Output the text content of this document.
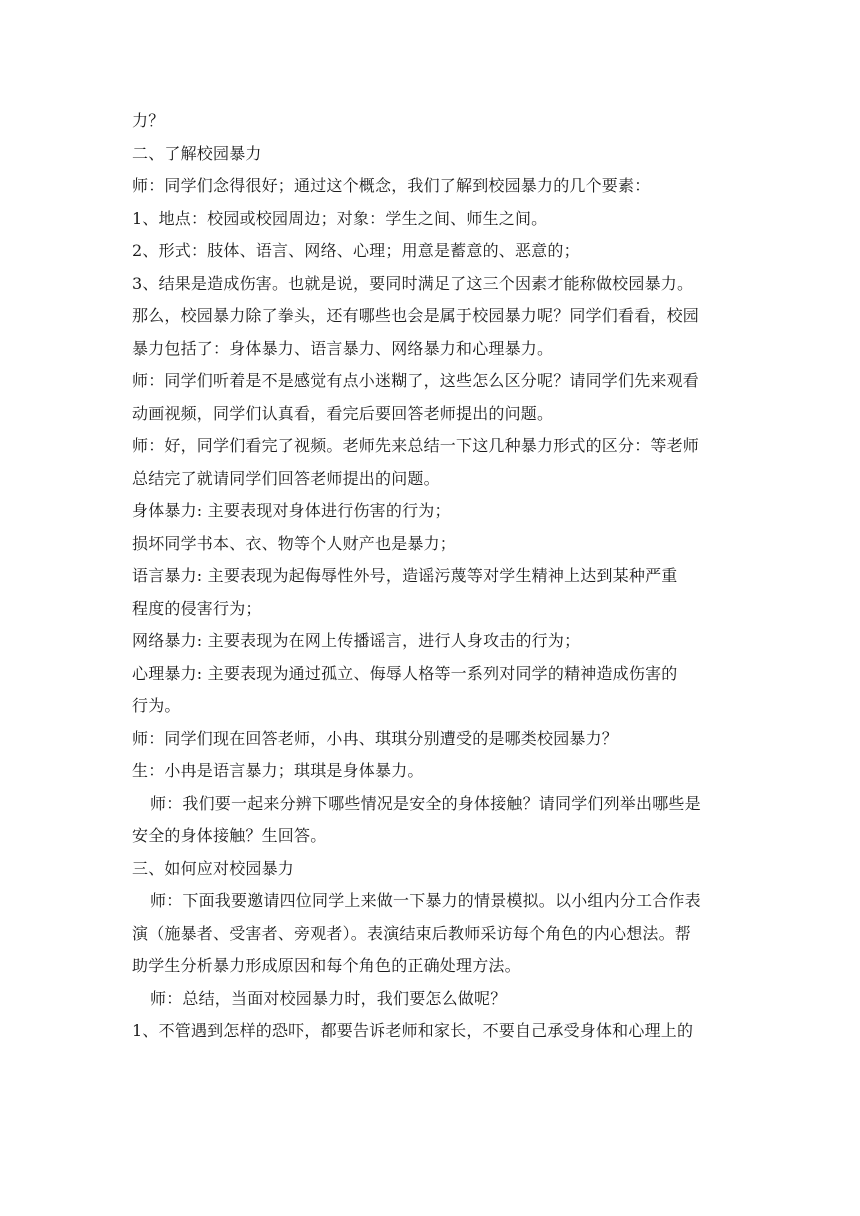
力？
二、了解校园暴力
师：同学们念得很好；通过这个概念，我们了解到校园暴力的几个要素：
1、地点：校园或校园周边；对象：学生之间、师生之间。
2、形式：肢体、语言、网络、心理；用意是蓄意的、恶意的；
3、结果是造成伤害。也就是说，要同时满足了这三个因素才能称做校园暴力。
那么，校园暴力除了拳头，还有哪些也会是属于校园暴力呢？同学们看看，校园
暴力包括了：身体暴力、语言暴力、网络暴力和心理暴力。
师：同学们听着是不是感觉有点小迷糊了，这些怎么区分呢？请同学们先来观看
动画视频，同学们认真看，看完后要回答老师提出的问题。
师：好，同学们看完了视频。老师先来总结一下这几种暴力形式的区分：等老师
总结完了就请同学们回答老师提出的问题。
身体暴力: 主要表现对身体进行伤害的行为；
损坏同学书本、衣、物等个人财产也是暴力；
语言暴力: 主要表现为起侮辱性外号，造谣污蔑等对学生精神上达到某种严重
程度的侵害行为；
网络暴力: 主要表现为在网上传播谣言，进行人身攻击的行为；
心理暴力: 主要表现为通过孤立、侮辱人格等一系列对同学的精神造成伤害的
行为。
师：同学们现在回答老师，小冉、琪琪分别遭受的是哪类校园暴力？
生：小冉是语言暴力；琪琪是身体暴力。
师：我们要一起来分辨下哪些情况是安全的身体接触？请同学们列举出哪些是
安全的身体接触？生回答。
三、如何应对校园暴力
师：下面我要邀请四位同学上来做一下暴力的情景模拟。以小组内分工合作表
演（施暴者、受害者、旁观者）。表演结束后教师采访每个角色的内心想法。帮
助学生分析暴力形成原因和每个角色的正确处理方法。
师：总结，当面对校园暴力时，我们要怎么做呢？
1、不管遇到怎样的恐吓，都要告诉老师和家长，不要自己承受身体和心理上的
